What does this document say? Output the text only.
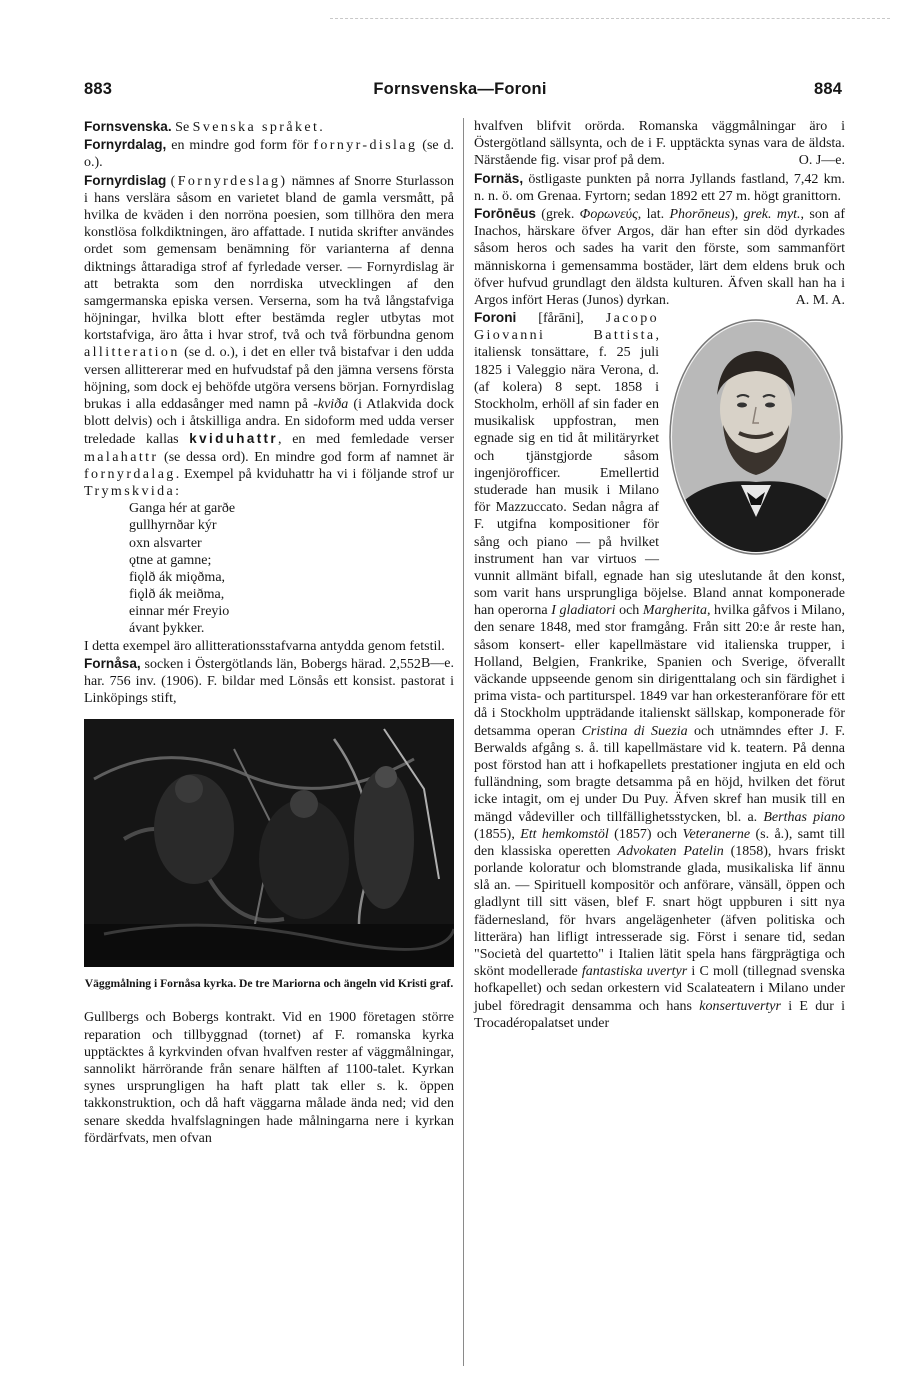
883	Fornsvenska—Foroni	884

Fornsvenska. Se Svenska språket.

Fornyrdalag, en mindre god form för fornyr-dislag (se d. o.).

Fornyrdislag (Fornyrdeslag) nämnes af Snorre Sturlasson i hans verslära såsom en varietet bland de gamla versmått, på hvilka de kväden i den norröna poesien, som tillhöra den mera konstlösa folkdiktningen, äro affattade. I nutida skrifter användes ordet som gemensam benämning för varianterna af denna diktnings åttaradiga strof af fyrledade verser. — Fornyrdislag är att betrakta som den norrdiska utvecklingen af den samgermanska episka versen. Verserna, som ha två långstafviga höjningar, hvilka blott efter bestämda regler utbytas mot kortstafviga, äro åtta i hvar strof, två och två förbundna genom allitteration (se d. o.), i det en eller två bistafvar i den udda versen allittererar med en hufvudstaf på den jämna versens första höjning, som dock ej behöfde utgöra versens början. Fornyrdislag brukas i alla eddasånger med namn på -kviða (i Atlakvida dock blott delvis) och i åtskilliga andra. En sidoform med udda verser treledade kallas kviduhattr, en med femledade verser malahattr (se dessa ord). En mindre god form af namnet är fornyrdalag. Exempel på kviduhattr ha vi i följande strof ur Trymskvida:

Ganga hér at garðe

gullhyrnðar kýr

oxn alsvarter

ǫtne at gamne;

fiǫlð ák miǫðma,

fiǫlð ák meiðma,

einnar mér Freyio

ávant þykker.

I detta exempel äro allitterationsstafvarna antydda genom fetstil.
B—e.

Fornåsa, socken i Östergötlands län, Bobergs härad. 2,552 har. 756 inv. (1906). F. bildar med Lönsås ett konsist. pastorat i Linköpings stift,

Väggmålning i Fornåsa kyrka. De tre Mariorna och ängeln vid Kristi graf.

Gullbergs och Bobergs kontrakt. Vid en 1900 företagen större reparation och tillbyggnad (tornet) af F. romanska kyrka upptäcktes å kyrkvinden ofvan hvalfven rester af väggmålningar, sannolikt härrörande från senare hälften af 1100-talet. Kyrkan synes ursprungligen ha haft platt tak eller s. k. öppen takkonstruktion, och då haft väggarna målade ända ned; vid den senare skedda hvalfslagningen hade målningarna nere i kyrkan fördärfvats, men ofvan

hvalfven blifvit orörda. Romanska väggmålningar äro i Östergötland sällsynta, och de i F. upptäckta synas vara de äldsta. Närstående fig. visar prof på dem.	O. J—e.

Fornäs, östligaste punkten på norra Jyllands fastland, 7,42 km. n. n. ö. om Grenaa. Fyrtorn; sedan 1892 ett 27 m. högt granittorn.

Forōnēus (grek. Φορωνεύς, lat. Phorōneus), grek. myt., son af Inachos, härskare öfver Argos, där han efter sin död dyrkades såsom heros och sades ha varit den förste, som sammanfört människorna i gemensamma bostäder, lärt dem eldens bruk och öfver hufvud grundlagt den äldsta kulturen. Äfven skall han ha i Argos infört Heras (Junos) dyrkan.	A. M. A.

Foroni [fårāni], Jacopo Giovanni Battista, italiensk tonsättare, f. 25 juli 1825 i Valeggio nära Verona, d. (af kolera) 8 sept. 1858 i Stockholm, erhöll af sin fader en musikalisk uppfostran, men egnade sig en tid åt militäryrket och tjänstgjorde såsom ingenjörofficer. Emellertid studerade han musik i Milano för Mazzuccato. Sedan några af F. utgifna kompositioner för sång och piano — på hvilket instrument han var virtuos — vunnit allmänt bifall, egnade han sig uteslutande åt den konst, som varit hans ursprungliga böjelse. Bland annat komponerade han operorna I gladiatori och Margherita, hvilka gåfvos i Milano, den senare 1848, med stor framgång. Från sitt 20:e år reste han, såsom konsert- eller kapellmästare vid italienska trupper, i Holland, Belgien, Frankrike, Spanien och Sverige, öfverallt väckande uppseende genom sin dirigenttalang och sin färdighet i prima vista- och partiturspel. 1849 var han orkesteranförare för ett då i Stockholm uppträdande italienskt sällskap, komponerade för detsamma operan Cristina di Suezia och utnämndes efter J. F. Berwalds afgång s. å. till kapellmästare vid k. teatern. På denna post förstod han att i hofkapellets prestationer ingjuta en eld och fulländning, som bragte detsamma på en höjd, hvilken det förut icke intagit, om ej under Du Puy. Äfven skref han musik till en mängd vådeviller och tillfällighetsstycken, bl. a. Berthas piano (1855), Ett hemkomstöl (1857) och Veteranerne (s. å.), samt till den klassiska operetten Advokaten Patelin (1858), hvars friskt porlande koloratur och blomstrande glada, musikaliska lif ännu slå an. — Spirituell kompositör och anförare, vänsäll, öppen och gladlynt till sitt väsen, blef F. snart högt uppburen i sitt nya fädernesland, för hvars angelägenheter (äfven politiska och litterära) han lifligt intresserade sig. Först i senare tid, sedan "Società del quartetto" i Italien lätit spela hans färgprägtiga och skönt modellerade fantastiska uvertyr i C moll (tillegnad svenska hofkapellet) och sedan orkestern vid Scalateatern i Milano under jubel föredragit densamma och hans konsertuvertyr i E dur i Trocadéropalatset under
